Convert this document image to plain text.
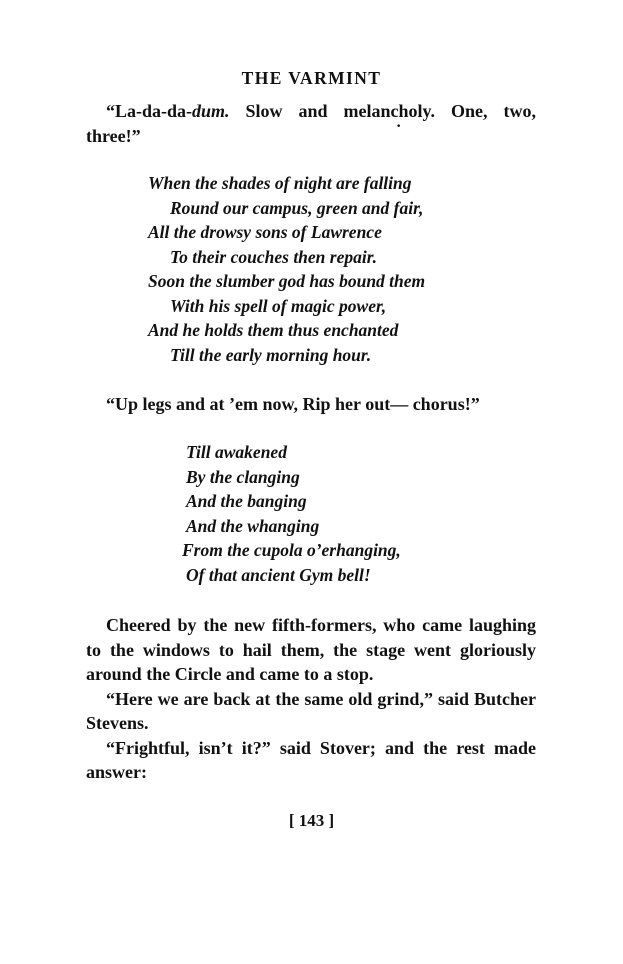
THE VARMINT

“La-da-da-dum. Slow and melancholy. One, two, three!”	·
When the shades of night are falling
Round our campus, green and fair,
All the drowsy sons of Lawrence
To their couches then repair.
Soon the slumber god has bound them
With his spell of magic power,
And he holds them thus enchanted
Till the early morning hour.

“Up legs and at ’em now, Rip her out— chorus!”

Till awakened
By the clanging
And the banging
And the whanging
From the cupola o’erhanging,
Of that ancient Gym bell!

Cheered by the new fifth-formers, who came laughing to the windows to hail them, the stage went gloriously around the Circle and came to a stop.

“Here we are back at the same old grind,” said Butcher Stevens.

“Frightful, isn’t it?” said Stover; and the rest made answer:

[ 143 ]
